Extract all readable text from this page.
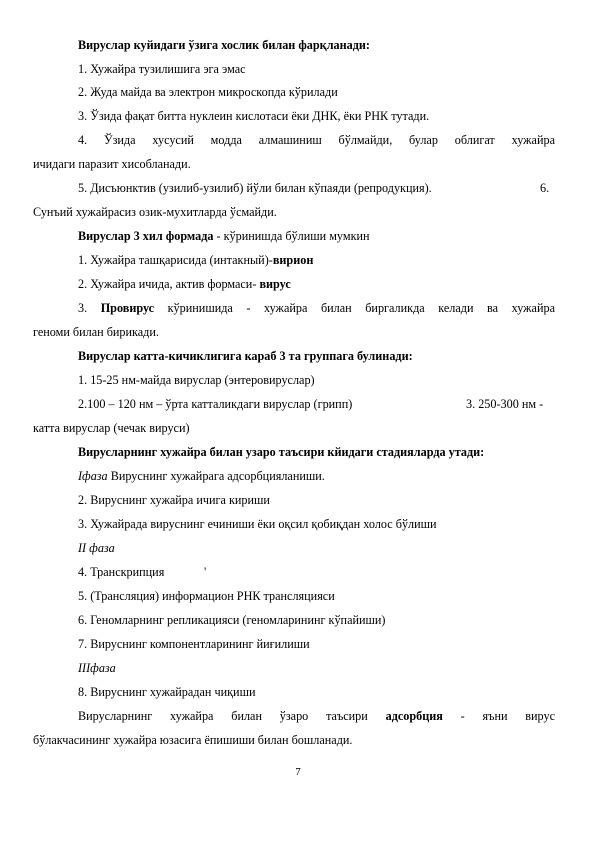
Вируслар куйидаги ўзига хослик билан фарқланади:
1. Хужайра тузилишига эга эмас
2. Жуда майда ва электрон микроскопда кўрилади
3. Ўзида фақат битта нуклеин кислотаси ёки ДНК, ёки РНК тутади.
4. Ўзида хусусий модда алмашиниш бўлмайди, булар облигат хужайра
ичидаги паразит хисобланади.
5. Дисъюнктив (узилиб-узилиб) йўли билан кўпаяди (репродукция).	6.
Сунъий хужайрасиз озик-мухитларда ўсмайди.
Вируслар 3 хил формада - кўринишда бўлиши мумкин
1. Хужайра ташқарисида (интакный)-вирион
2. Хужайра ичида, актив формаси- вирус
3. Провирус кўринишида - хужайра билан биргаликда келади ва хужайра
геноми билан бирикади.
Вируслар катта-кичиклигига караб 3 та группага булинади:
1. 15-25 нм-майда вируслар (энтеровируслар)
2.100 – 120 нм – ўрта катталикдаги вируслар (грипп)	3. 250-300 нм -
катта вируслар (чечак вируси)
Вирусларнинг хужайра билан узаро таъсири кйидаги стадияларда утади:
Іфаза Вируснинг хужайрага адсорбцияланиши.
2. Вируснинг хужайра ичига кириши
3. Хужайрада вируснинг ечиниши ёки оқсил қобиқдан холос бўлиши
II фаза
4. Транскрипция	'
5. (Трансляция) информацион РНК трансляцияси
6. Геномларнинг репликацияси (геномларининг кўпайиши)
7. Вируснинг компонентларининг йиғилиши
IIIфаза
8. Вируснинг хужайрадан чиқиши
Вирусларнинг хужайра билан ўзаро таъсири адсорбция - яъни вирус
бўлакчасининг хужайра юзасига ёпишиши билан бошланади.
7
